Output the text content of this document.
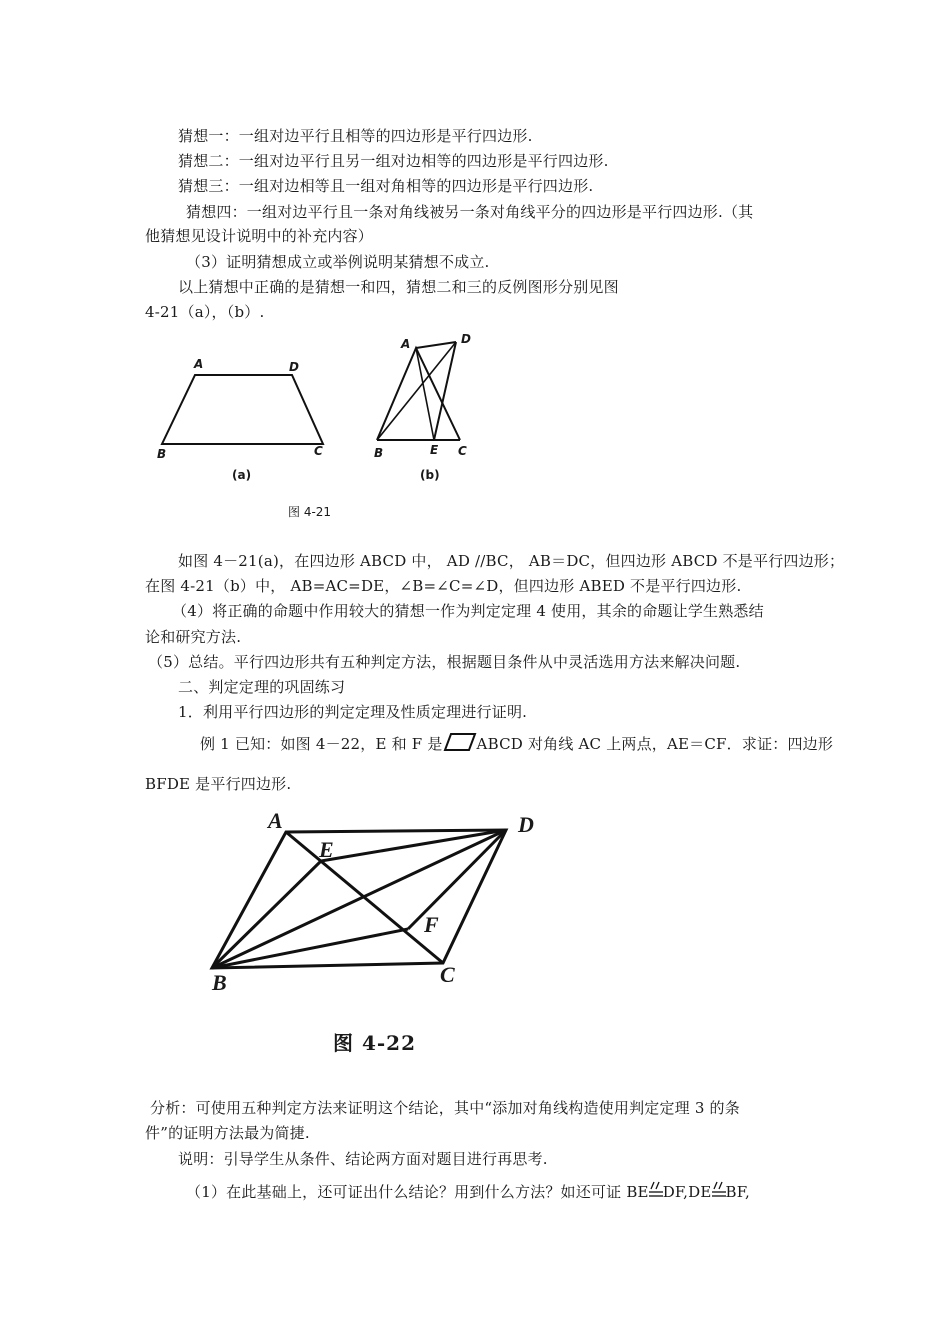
猜想一：一组对边平行且相等的四边形是平行四边形.
猜想二：一组对边平行且另一组对边相等的四边形是平行四边形.
猜想三：一组对边相等且一组对角相等的四边形是平行四边形.
猜想四：一组对边平行且一条对角线被另一条对角线平分的四边形是平行四边形.（其
他猜想见设计说明中的补充内容）
（3）证明猜想成立或举例说明某猜想不成立.
以上猜想中正确的是猜想一和四，猜想二和三的反例图形分别见图
4-21（a），（b）.
A	D
B	C
(a)
A	D
B	E C
(b)
图 4-21
如图 4－21(a)，在四边形 ABCD 中， AD //BC， AB＝DC，但四边形 ABCD 不是平行四边形；
在图 4-21（b）中， AB=AC=DE，∠B=∠C=∠D，但四边形 ABED 不是平行四边形.
（4）将正确的命题中作用较大的猜想一作为判定定理 4 使用，其余的命题让学生熟悉结
论和研究方法.
（5）总结。平行四边形共有五种判定方法，根据题目条件从中灵活选用方法来解决问题.
二、判定定理的巩固练习
1．利用平行四边形的判定定理及性质定理进行证明.
例 1 已知：如图 4－22，E 和 F 是 ABCD 对角线 AC 上两点，AE＝CF．求证：四边形
BFDE 是平行四边形.
A	D
E
F
B	C
图 4-22
分析：可使用五种判定方法来证明这个结论，其中“添加对角线构造使用判定定理 3 的条
件”的证明方法最为简捷.
说明：引导学生从条件、结论两方面对题目进行再思考.
（1）在此基础上，还可证出什么结论？用到什么方法？如还可证 BE DF,DE BF,
